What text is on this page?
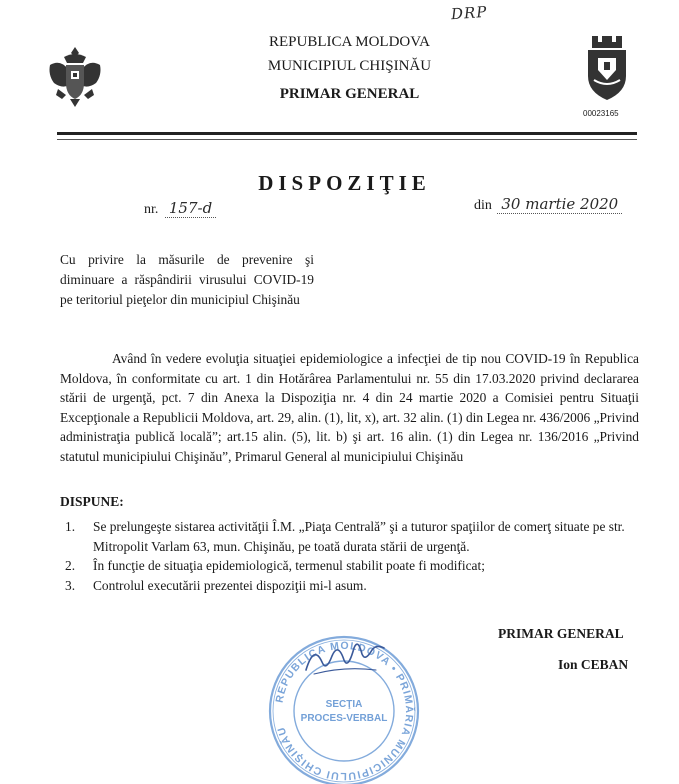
DRP
00023165
REPUBLICA MOLDOVA
MUNICIPIUL CHIŞINĂU
PRIMAR GENERAL
DISPOZIŢIE
nr. 157-d	din 30 martie 2020
Cu privire la măsurile de prevenire şi diminuare a răspândirii virusului COVID-19 pe teritoriul pieţelor din municipiul Chişinău
Având în vedere evoluţia situaţiei epidemiologice a infecţiei de tip nou COVID-19 în Republica Moldova, în conformitate cu art. 1 din Hotărârea Parlamentului nr. 55 din 17.03.2020 privind declararea stării de urgenţă, pct. 7 din Anexa la Dispoziţia nr. 4 din 24 martie 2020 a Comisiei pentru Situaţii Excepţionale a Republicii Moldova, art. 29, alin. (1), lit, x), art. 32 alin. (1) din Legea nr. 436/2006 „Privind administraţia publică locală”; art.15 alin. (5), lit. b) şi art. 16 alin. (1) din Legea nr. 136/2016 „Privind statutul municipiului Chişinău”, Primarul General al municipiului Chişinău
DISPUNE:
1. Se prelungeşte sistarea activităţii Î.M. „Piaţa Centrală” şi a tuturor spaţiilor de comerţ situate pe str. Mitropolit Varlam 63, mun. Chişinău, pe toată durata stării de urgenţă.
2. În funcţie de situaţia epidemiologică, termenul stabilit poate fi modificat;
3. Controlul executării prezentei dispoziţii mi-l asum.
PRIMAR GENERAL
Ion CEBAN
REPUBLICA MOLDOVA • PRIMĂRIA MUNICIPIULUI CHIŞINĂU
SECŢIA
PROCES-VERBAL
